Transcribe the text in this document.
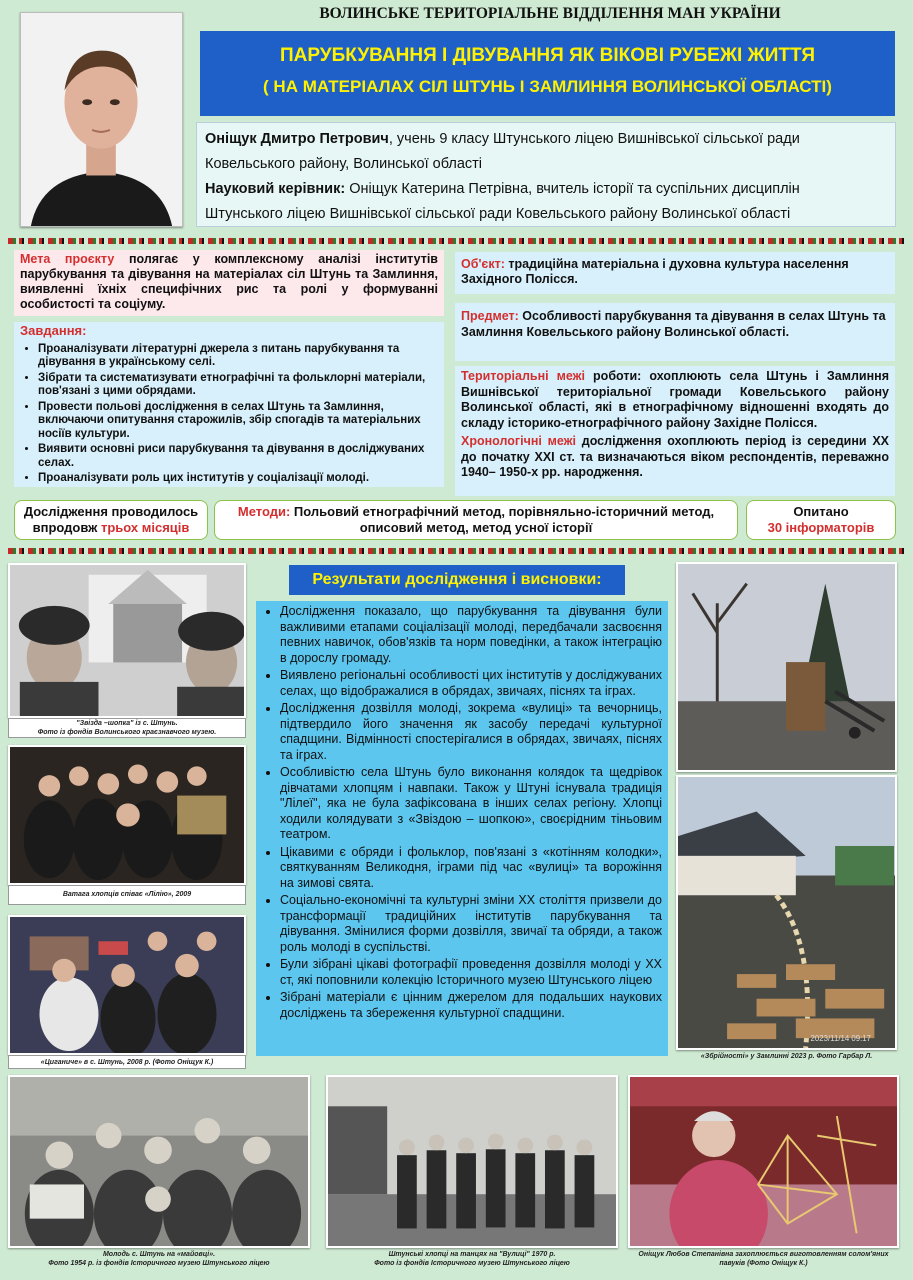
ВОЛИНСЬКЕ ТЕРИТОРІАЛЬНЕ ВІДДІЛЕННЯ МАН УКРАЇНИ
ПАРУБКУВАННЯ І ДІВУВАННЯ ЯК ВІКОВІ РУБЕЖІ ЖИТТЯ
( НА МАТЕРІАЛАХ СІЛ ШТУНЬ І ЗАМЛИННЯ ВОЛИНСЬКОЇ ОБЛАСТІ)
Оніщук Дмитро Петрович, учень 9 класу Штунського ліцею Вишнівської сільської ради
Ковельського району, Волинської області
Науковий керівник: Оніщук Катерина Петрівна, вчитель історії та суспільних дисциплін
Штунського ліцею Вишнівської сільської ради Ковельського району Волинської області
Мета проєкту полягає у комплексному аналізі інститутів парубкування та дівування на матеріалах сіл Штунь та Замлиння, виявленні їхніх специфічних рис та ролі у формуванні особистості та соціуму.
Завдання:
• Проаналізувати літературні джерела з питань парубкування та дівування в українському селі.
• Зібрати та систематизувати етнографічні та фольклорні матеріали, пов'язані з цими обрядами.
• Провести польові дослідження в селах Штунь та Замлиння, включаючи опитування старожилів, збір спогадів та матеріальних носіїв культури.
• Виявити основні риси парубкування та дівування в досліджуваних селах.
• Проаналізувати роль цих інститутів у соціалізації молоді.
Об'єкт: традиційна матеріальна і духовна культура населення Західного Полісся.
Предмет: Особливості парубкування та дівування в селах Штунь та Замлиння Ковельського району Волинської області.
Територіальні межі роботи: охоплюють села Штунь і Замлиння Вишнівської територіальної громади Ковельського району Волинської області, які в етнографічному відношенні входять до складу історико-етнографічного району Західне Полісся.
Хронологічні межі дослідження охоплюють період із середини XX до початку XXI ст. та визначаються віком респондентів, переважно 1940– 1950-х рр. народження.
Дослідження проводилось впродовж трьох місяців
Методи: Польовий етнографічний метод, порівняльно-історичний метод, описовий метод, метод усної історії
Опитано
30 інформаторів
"Звізда –шопка" із с. Штунь.
Фото із фондів Волинського краєзнавчого музею.
Ватага хлопців співає «Лілію», 2009
«Циганиче» в с. Штунь, 2008 р. (Фото Оніщук К.)
Результати дослідження і висновки:
• Дослідження показало, що парубкування та дівування були важливими етапами соціалізації молоді, передбачали засвоєння певних навичок, обов'язків та норм поведінки, а також інтеграцію в дорослу громаду.
• Виявлено регіональні особливості цих інститутів у досліджуваних селах, що відображалися в обрядах, звичаях, піснях та іграх.
• Дослідження дозвілля молоді, зокрема «вулиці» та вечорниць, підтвердило його значення як засобу передачі культурної спадщини. Відмінності спостерігалися в обрядах, звичаях, піснях та іграх.
• Особливістю села Штунь було виконання колядок та щедрівок дівчатами хлопцям і навпаки. Також у Штуні існувала традиція "Лілеї", яка не була зафіксована в інших селах регіону. Хлопці ходили колядувати з «Звіздою – шопкою», своєрідним тіньовим театром.
• Цікавими є обряди і фольклор, пов'язані з «котінням колодки», святкуванням Великодня, іграми під час «вулиці» та ворожіння на зимові свята.
• Соціально-економічні та культурні зміни XX століття призвели до трансформації традиційних інститутів парубкування та дівування. Змінилися форми дозвілля, звичаї та обряди, а також роль молоді в суспільстві.
• Були зібрані цікаві фотографії проведення дозвілля молоді у XX ст, які поповнили колекцію Історичного музею Штунського ліцею
• Зібрані матеріали є цінним джерелом для подальших наукових досліджень та збереження культурної спадщини.
2023/11/14 09:17
«Збрійності» у Замлинні 2023 р. Фото Гарбар Л.
Молодь с. Штунь на «майовці».
Фото 1954 р. із фондів Історичного музею Штунського ліцею
Штунські хлопці на танцях на "Вулиці" 1970 р.
Фото із фондів Історичного музею Штунського ліцею
Оніщук Любов Степанівна захоплюється виготовленням солом'яних
павуків (Фото Оніщук К.)
